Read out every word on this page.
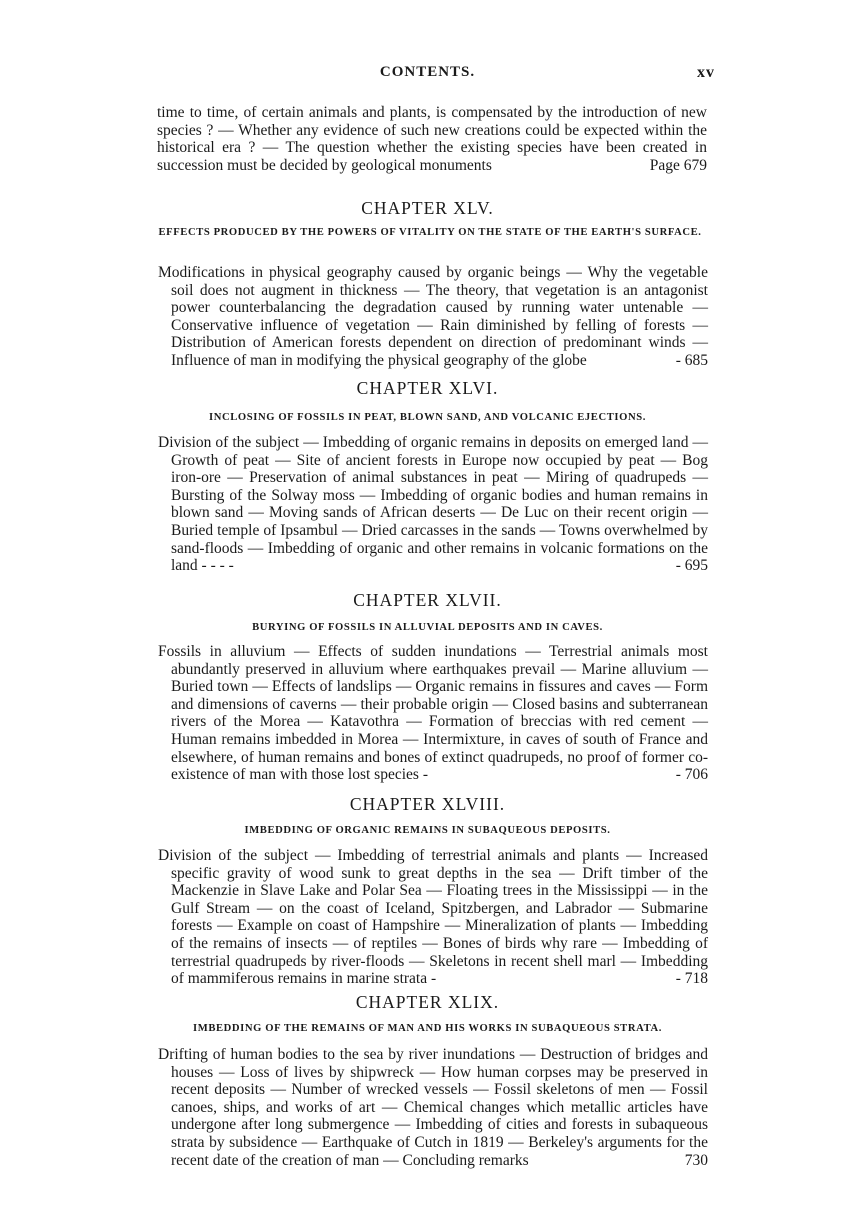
CONTENTS.	xv
time to time, of certain animals and plants, is compensated by the introduction of new species ? — Whether any evidence of such new creations could be expected within the historical era ? — The question whether the existing species have been created in succession must be decided by geological monuments	Page 679
CHAPTER XLV.
EFFECTS PRODUCED BY THE POWERS OF VITALITY ON THE STATE OF THE EARTH'S SURFACE.
Modifications in physical geography caused by organic beings — Why the vegetable soil does not augment in thickness — The theory, that vegetation is an antagonist power counterbalancing the degradation caused by running water untenable — Conservative influence of vegetation — Rain diminished by felling of forests — Distribution of American forests dependent on direction of predominant winds — Influence of man in modifying the physical geography of the globe	- 685
CHAPTER XLVI.
INCLOSING OF FOSSILS IN PEAT, BLOWN SAND, AND VOLCANIC EJECTIONS.
Division of the subject — Imbedding of organic remains in deposits on emerged land — Growth of peat — Site of ancient forests in Europe now occupied by peat — Bog iron-ore — Preservation of animal substances in peat — Miring of quadrupeds — Bursting of the Solway moss — Imbedding of organic bodies and human remains in blown sand — Moving sands of African deserts — De Luc on their recent origin — Buried temple of Ipsambul — Dried carcasses in the sands — Towns overwhelmed by sand-floods — Imbedding of organic and other remains in volcanic formations on the land - - - -	- 695
CHAPTER XLVII.
BURYING OF FOSSILS IN ALLUVIAL DEPOSITS AND IN CAVES.
Fossils in alluvium — Effects of sudden inundations — Terrestrial animals most abundantly preserved in alluvium where earthquakes prevail — Marine alluvium — Buried town — Effects of landslips — Organic remains in fissures and caves — Form and dimensions of caverns — their probable origin — Closed basins and subterranean rivers of the Morea — Katavothra — Formation of breccias with red cement — Human remains imbedded in Morea — Intermixture, in caves of south of France and elsewhere, of human remains and bones of extinct quadrupeds, no proof of former co-existence of man with those lost species -	- 706
CHAPTER XLVIII.
IMBEDDING OF ORGANIC REMAINS IN SUBAQUEOUS DEPOSITS.
Division of the subject — Imbedding of terrestrial animals and plants — Increased specific gravity of wood sunk to great depths in the sea — Drift timber of the Mackenzie in Slave Lake and Polar Sea — Floating trees in the Mississippi — in the Gulf Stream — on the coast of Iceland, Spitzbergen, and Labrador — Submarine forests — Example on coast of Hampshire — Mineralization of plants — Imbedding of the remains of insects — of reptiles — Bones of birds why rare — Imbedding of terrestrial quadrupeds by river-floods — Skeletons in recent shell marl — Imbedding of mammiferous remains in marine strata -	- 718
CHAPTER XLIX.
IMBEDDING OF THE REMAINS OF MAN AND HIS WORKS IN SUBAQUEOUS STRATA.
Drifting of human bodies to the sea by river inundations — Destruction of bridges and houses — Loss of lives by shipwreck — How human corpses may be preserved in recent deposits — Number of wrecked vessels — Fossil skeletons of men — Fossil canoes, ships, and works of art — Chemical changes which metallic articles have undergone after long submergence — Imbedding of cities and forests in subaqueous strata by subsidence — Earthquake of Cutch in 1819 — Berkeley's arguments for the recent date of the creation of man — Concluding remarks	730
